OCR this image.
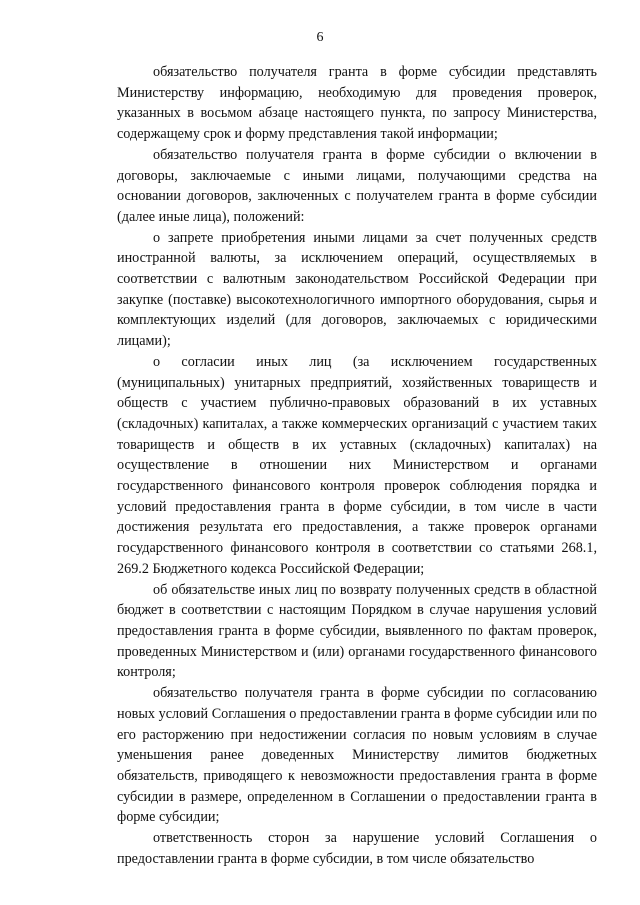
6

обязательство получателя гранта в форме субсидии представлять Министерству информацию, необходимую для проведения проверок, указанных в восьмом абзаце настоящего пункта, по запросу Министерства, содержащему срок и форму представления такой информации;

обязательство получателя гранта в форме субсидии о включении в договоры, заключаемые с иными лицами, получающими средства на основании договоров, заключенных с получателем гранта в форме субсидии (далее иные лица), положений:

о запрете приобретения иными лицами за счет полученных средств иностранной валюты, за исключением операций, осуществляемых в соответствии с валютным законодательством Российской Федерации при закупке (поставке) высокотехнологичного импортного оборудования, сырья и комплектующих изделий (для договоров, заключаемых с юридическими лицами);

о согласии иных лиц (за исключением государственных (муниципальных) унитарных предприятий, хозяйственных товариществ и обществ с участием публично-правовых образований в их уставных (складочных) капиталах, а также коммерческих организаций с участием таких товариществ и обществ в их уставных (складочных) капиталах) на осуществление в отношении них Министерством и органами государственного финансового контроля проверок соблюдения порядка и условий предоставления гранта в форме субсидии, в том числе в части достижения результата его предоставления, а также проверок органами государственного финансового контроля в соответствии со статьями 268.1, 269.2 Бюджетного кодекса Российской Федерации;

об обязательстве иных лиц по возврату полученных средств в областной бюджет в соответствии с настоящим Порядком в случае нарушения условий предоставления гранта в форме субсидии, выявленного по фактам проверок, проведенных Министерством и (или) органами государственного финансового контроля;

обязательство получателя гранта в форме субсидии по согласованию новых условий Соглашения о предоставлении гранта в форме субсидии или по его расторжению при недостижении согласия по новым условиям в случае уменьшения ранее доведенных Министерству лимитов бюджетных обязательств, приводящего к невозможности предоставления гранта в форме субсидии в размере, определенном в Соглашении о предоставлении гранта в форме субсидии;

ответственность сторон за нарушение условий Соглашения о предоставлении гранта в форме субсидии, в том числе обязательство
